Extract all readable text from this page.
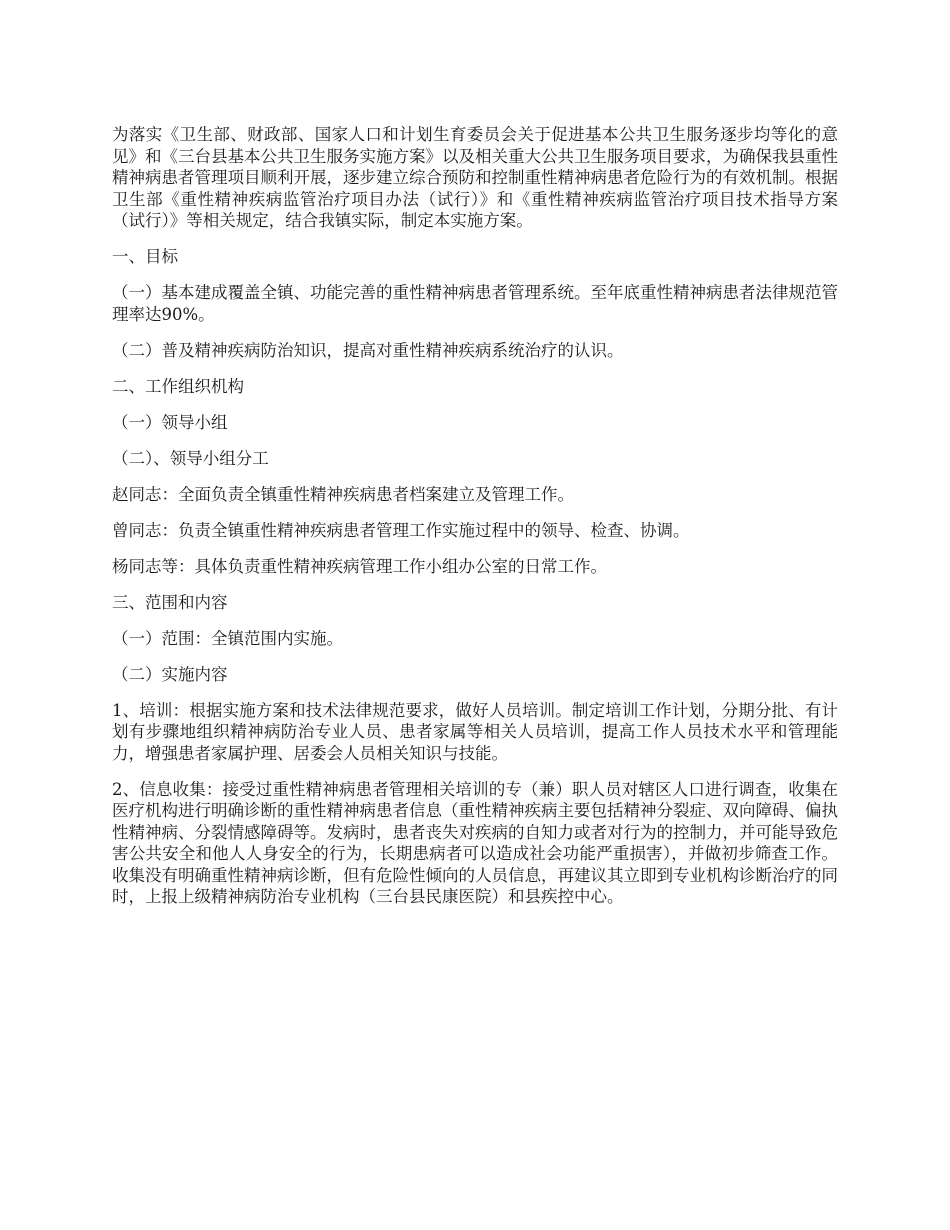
为落实《卫生部、财政部、国家人口和计划生育委员会关于促进基本公共卫生服务逐步均等化的意见》和《三台县基本公共卫生服务实施方案》以及相关重大公共卫生服务项目要求，为确保我县重性精神病患者管理项目顺利开展，逐步建立综合预防和控制重性精神病患者危险行为的有效机制。根据卫生部《重性精神疾病监管治疗项目办法（试行）》和《重性精神疾病监管治疗项目技术指导方案（试行）》等相关规定，结合我镇实际，制定本实施方案。

一、目标

（一）基本建成覆盖全镇、功能完善的重性精神病患者管理系统。至年底重性精神病患者法律规范管理率达90%。

（二）普及精神疾病防治知识，提高对重性精神疾病系统治疗的认识。

二、工作组织机构

（一）领导小组

（二）、领导小组分工

赵同志：全面负责全镇重性精神疾病患者档案建立及管理工作。

曾同志：负责全镇重性精神疾病患者管理工作实施过程中的领导、检查、协调。

杨同志等：具体负责重性精神疾病管理工作小组办公室的日常工作。

三、范围和内容

（一）范围：全镇范围内实施。

（二）实施内容

1、培训：根据实施方案和技术法律规范要求，做好人员培训。制定培训工作计划，分期分批、有计划有步骤地组织精神病防治专业人员、患者家属等相关人员培训，提高工作人员技术水平和管理能力，增强患者家属护理、居委会人员相关知识与技能。

2、信息收集：接受过重性精神病患者管理相关培训的专（兼）职人员对辖区人口进行调查，收集在医疗机构进行明确诊断的重性精神病患者信息（重性精神疾病主要包括精神分裂症、双向障碍、偏执性精神病、分裂情感障碍等。发病时，患者丧失对疾病的自知力或者对行为的控制力，并可能导致危害公共安全和他人人身安全的行为，长期患病者可以造成社会功能严重损害），并做初步筛查工作。收集没有明确重性精神病诊断，但有危险性倾向的人员信息，再建议其立即到专业机构诊断治疗的同时，上报上级精神病防治专业机构（三台县民康医院）和县疾控中心。
